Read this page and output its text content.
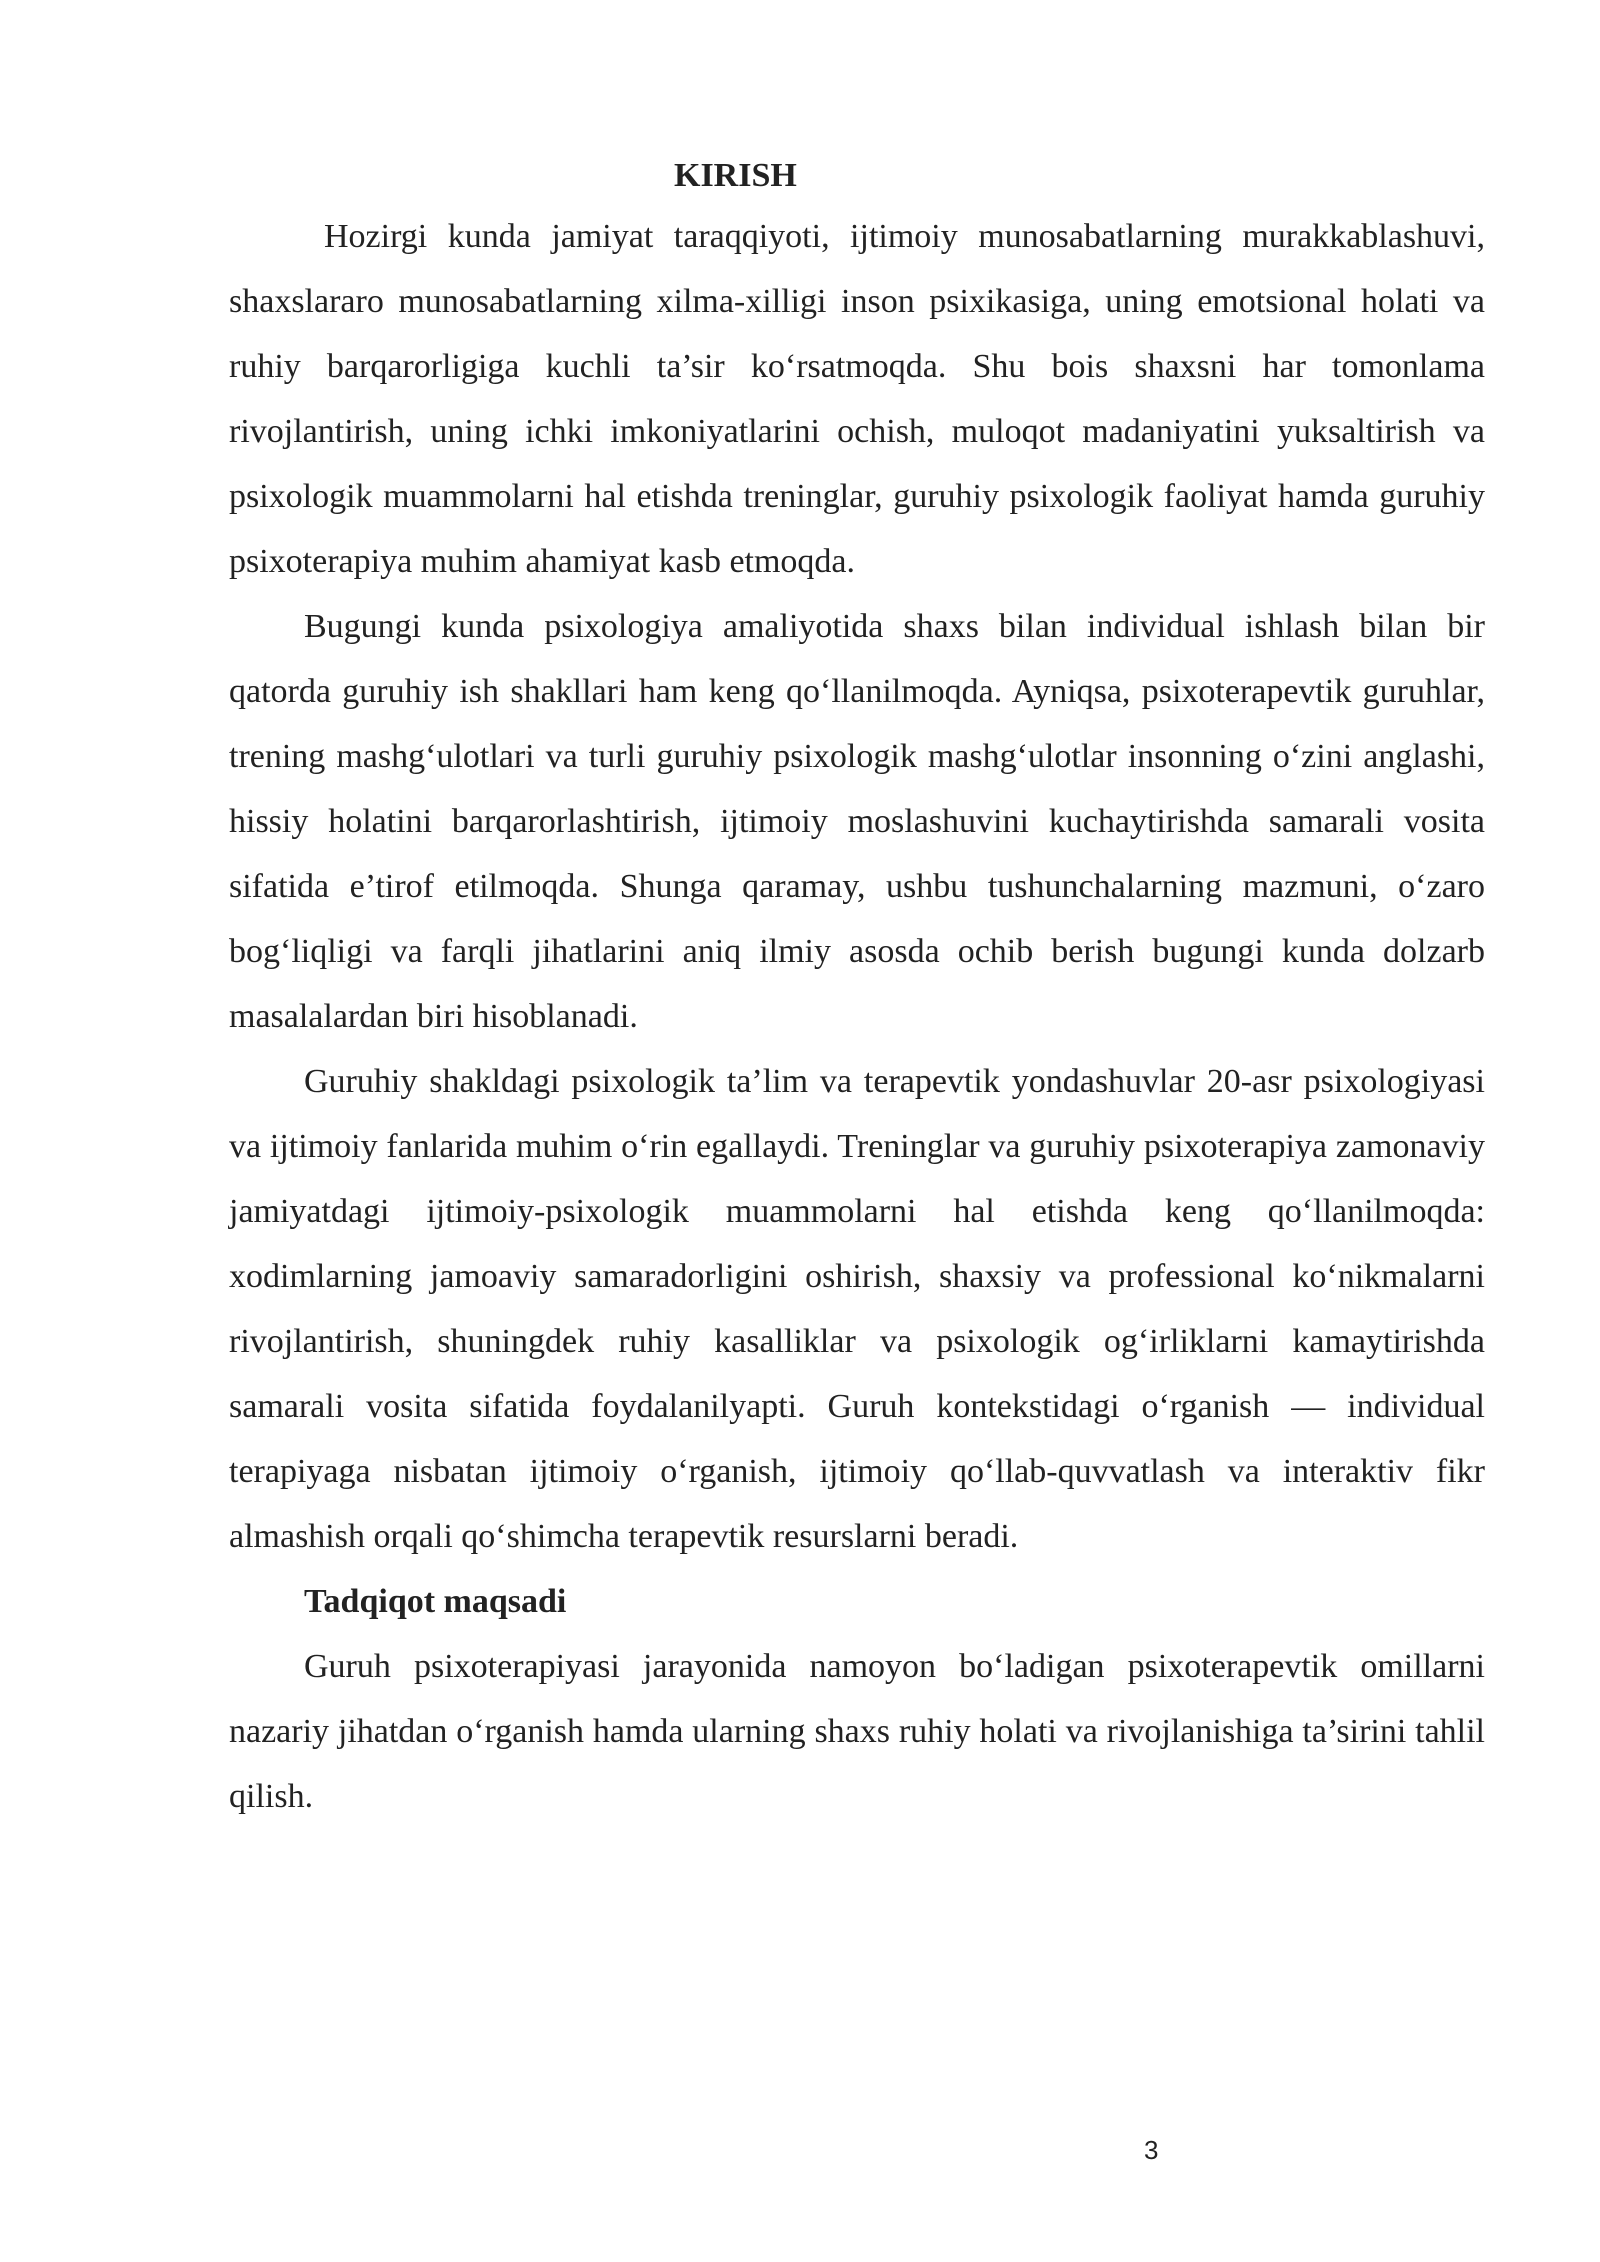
KIRISH

Hozirgi kunda jamiyat taraqqiyoti, ijtimoiy munosabatlarning murakkablashuvi, shaxslararo munosabatlarning xilma-xilligi inson psixikasiga, uning emotsional holati va ruhiy barqarorligiga kuchli ta’sir ko‘rsatmoqda. Shu bois shaxsni har tomonlama rivojlantirish, uning ichki imkoniyatlarini ochish, muloqot madaniyatini yuksaltirish va psixologik muammolarni hal etishda treninglar, guruhiy psixologik faoliyat hamda guruhiy psixoterapiya muhim ahamiyat kasb etmoqda.

Bugungi kunda psixologiya amaliyotida shaxs bilan individual ishlash bilan bir qatorda guruhiy ish shakllari ham keng qo‘llanilmoqda. Ayniqsa, psixoterapevtik guruhlar, trening mashg‘ulotlari va turli guruhiy psixologik mashg‘ulotlar insonning o‘zini anglashi, hissiy holatini barqarorlashtirish, ijtimoiy moslashuvini kuchaytirishda samarali vosita sifatida e’tirof etilmoqda. Shunga qaramay, ushbu tushunchalarning mazmuni, o‘zaro bog‘liqligi va farqli jihatlarini aniq ilmiy asosda ochib berish bugungi kunda dolzarb masalalardan biri hisoblanadi.

Guruhiy shakldagi psixologik ta’lim va terapevtik yondashuvlar 20-asr psixologiyasi va ijtimoiy fanlarida muhim o‘rin egallaydi. Treninglar va guruhiy psixoterapiya zamonaviy jamiyatdagi ijtimoiy-psixologik muammolarni hal etishda keng qo‘llanilmoqda: xodimlarning jamoaviy samaradorligini oshirish, shaxsiy va professional ko‘nikmalarni rivojlantirish, shuningdek ruhiy kasalliklar va psixologik og‘irliklarni kamaytirishda samarali vosita sifatida foydalanilyapti. Guruh kontekstidagi o‘rganish — individual terapiyaga nisbatan ijtimoiy o‘rganish, ijtimoiy qo‘llab-quvvatlash va interaktiv fikr almashish orqali qo‘shimcha terapevtik resurslarni beradi.

Tadqiqot maqsadi

Guruh psixoterapiyasi jarayonida namoyon bo‘ladigan psixoterapevtik omillarni nazariy jihatdan o‘rganish hamda ularning shaxs ruhiy holati va rivojlanishiga ta’sirini tahlil qilish.

3
